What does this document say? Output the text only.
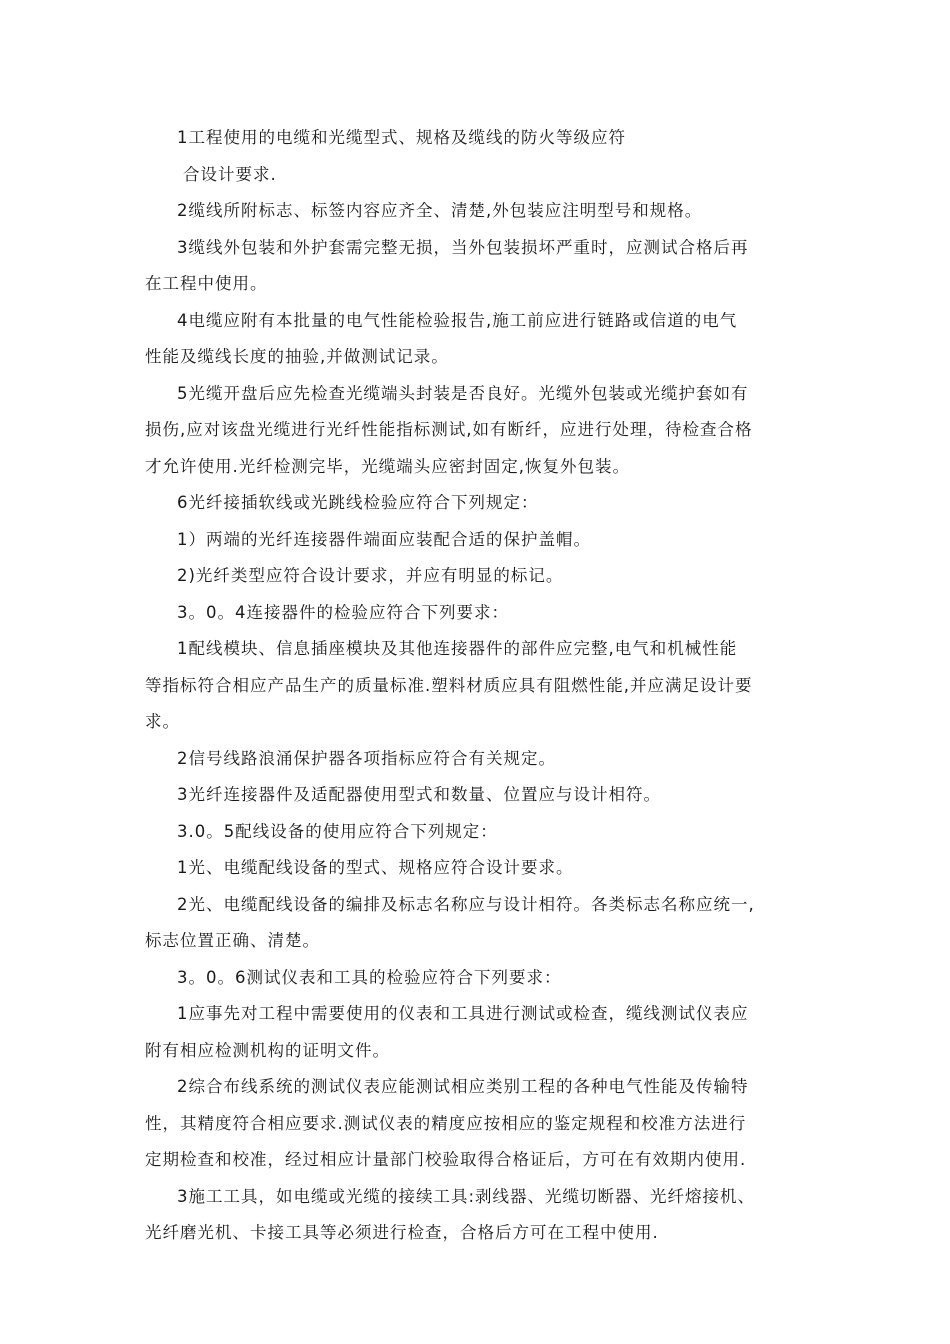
1工程使用的电缆和光缆型式、规格及缆线的防火等级应符
合设计要求.
2缆线所附标志、标签内容应齐全、清楚,外包装应注明型号和规格。
3缆线外包装和外护套需完整无损，当外包装损坏严重时，应测试合格后再
在工程中使用。
4电缆应附有本批量的电气性能检验报告,施工前应进行链路或信道的电气
性能及缆线长度的抽验,并做测试记录。
5光缆开盘后应先检查光缆端头封装是否良好。光缆外包装或光缆护套如有
损伤,应对该盘光缆进行光纤性能指标测试,如有断纤，应进行处理，待检查合格
才允许使用.光纤检测完毕，光缆端头应密封固定,恢复外包装。
6光纤接插软线或光跳线检验应符合下列规定：
1）两端的光纤连接器件端面应装配合适的保护盖帽。
2)光纤类型应符合设计要求，并应有明显的标记。
3。0。4连接器件的检验应符合下列要求：
1配线模块、信息插座模块及其他连接器件的部件应完整,电气和机械性能
等指标符合相应产品生产的质量标准.塑料材质应具有阻燃性能,并应满足设计要
求。
2信号线路浪涌保护器各项指标应符合有关规定。
3光纤连接器件及适配器使用型式和数量、位置应与设计相符。
3.0。5配线设备的使用应符合下列规定：
1光、电缆配线设备的型式、规格应符合设计要求。
2光、电缆配线设备的编排及标志名称应与设计相符。各类标志名称应统一,
标志位置正确、清楚。
3。0。6测试仪表和工具的检验应符合下列要求：
1应事先对工程中需要使用的仪表和工具进行测试或检查，缆线测试仪表应
附有相应检测机构的证明文件。
2综合布线系统的测试仪表应能测试相应类别工程的各种电气性能及传输特
性，其精度符合相应要求.测试仪表的精度应按相应的鉴定规程和校准方法进行
定期检查和校准，经过相应计量部门校验取得合格证后，方可在有效期内使用.
3施工工具，如电缆或光缆的接续工具:剥线器、光缆切断器、光纤熔接机、
光纤磨光机、卡接工具等必须进行检查，合格后方可在工程中使用.
